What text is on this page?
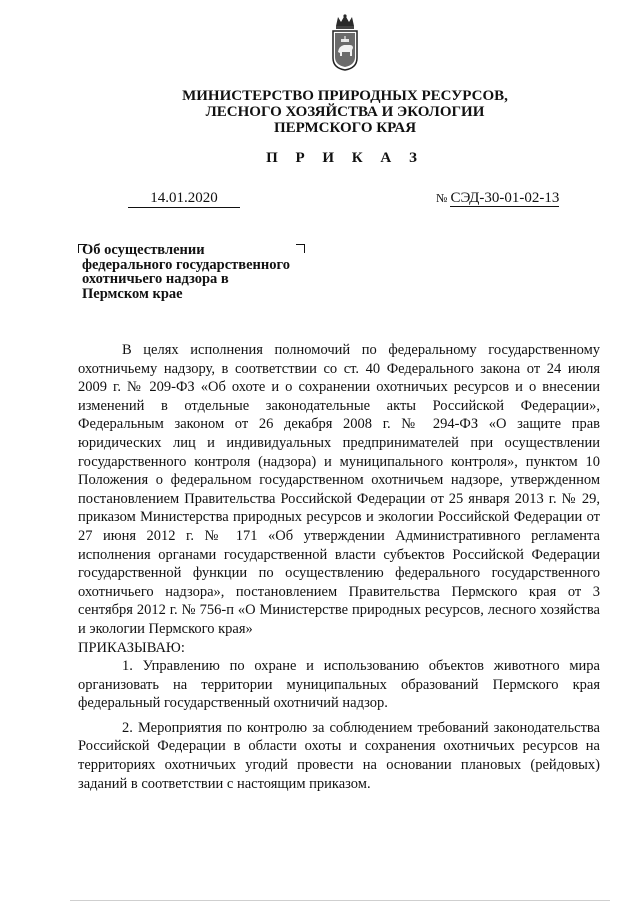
МИНИСТЕРСТВО ПРИРОДНЫХ РЕСУРСОВ,
ЛЕСНОГО ХОЗЯЙСТВА И ЭКОЛОГИИ
ПЕРМСКОГО КРАЯ
П Р И К А З
14.01.2020	№ СЭД-30-01-02-13
Об осуществлении
федерального государственного
охотничьего надзора в
Пермском крае

В целях исполнения полномочий по федеральному государственному охотничьему надзору, в соответствии со ст. 40 Федерального закона от 24 июля 2009 г. № 209-ФЗ «Об охоте и о сохранении охотничьих ресурсов и о внесении изменений в отдельные законодательные акты Российской Федерации», Федеральным законом от 26 декабря 2008 г. № 294-ФЗ «О защите прав юридических лиц и индивидуальных предпринимателей при осуществлении государственного контроля (надзора) и муниципального контроля», пунктом 10 Положения о федеральном государственном охотничьем надзоре, утвержденном постановлением Правительства Российской Федерации от 25 января 2013 г. № 29, приказом Министерства природных ресурсов и экологии Российской Федерации от 27 июня 2012 г. № 171 «Об утверждении Административного регламента исполнения органами государственной власти субъектов Российской Федерации государственной функции по осуществлению федерального государственного охотничьего надзора», постановлением Правительства Пермского края от 3 сентября 2012 г. № 756-п «О Министерстве природных ресурсов, лесного хозяйства и экологии Пермского края»

ПРИКАЗЫВАЮ:

1. Управлению по охране и использованию объектов животного мира организовать на территории муниципальных образований Пермского края федеральный государственный охотничий надзор.

2. Мероприятия по контролю за соблюдением требований законодательства Российской Федерации в области охоты и сохранения охотничьих ресурсов на территориях охотничьих угодий провести на основании плановых (рейдовых) заданий в соответствии с настоящим приказом.
